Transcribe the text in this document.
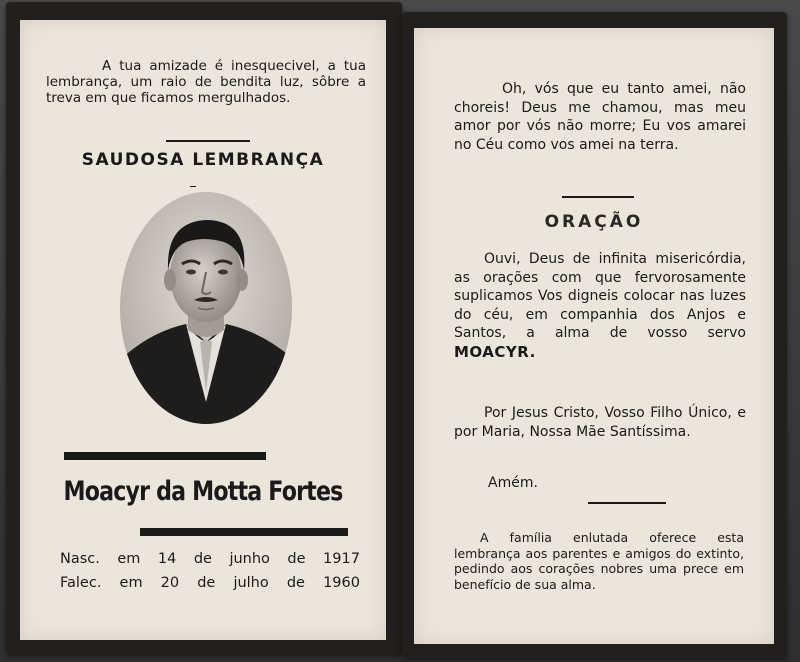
A tua amizade é inesquecivel, a tua lembrança, um raio de bendita luz, sôbre a treva em que ficamos mergulhados.

SAUDOSA LEMBRANÇA

Moacyr da Motta Fortes

Nasc. em 14 de junho de 1917

Falec. em 20 de julho de 1960

Oh, vós que eu tanto amei, não choreis! Deus me chamou, mas meu amor por vós não morre; Eu vos amarei no Céu como vos amei na terra.

ORAÇÃO

Ouvi, Deus de infinita misericórdia, as orações com que fervorosamente suplicamos Vos digneis colocar nas luzes do céu, em companhia dos Anjos e Santos, a alma de vosso servo MOACYR.

Por Jesus Cristo, Vosso Filho Único, e por Maria, Nossa Mãe Santíssima.

Amém.

A família enlutada oferece esta lembrança aos parentes e amigos do extinto, pedindo aos corações nobres uma prece em benefício de sua alma.
